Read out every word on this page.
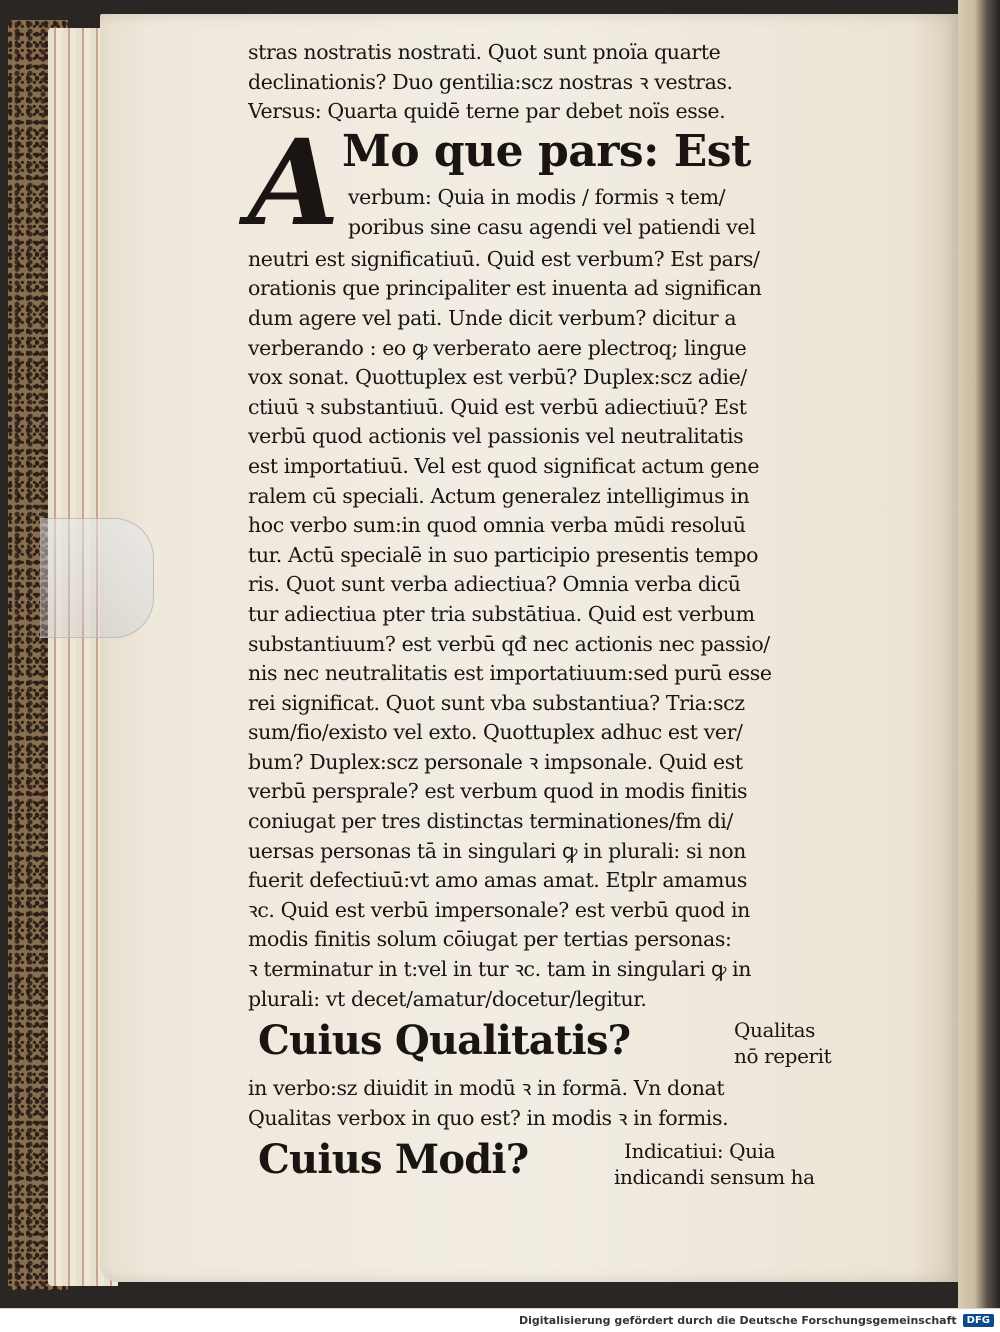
stras nostratis nostrati. Quot sunt pnoïa quarte
declinationis? Duo gentilia:scz nostras ꝛ vestras.
Versus: Quarta quidē terne par debet noïs esse.
A Mo que pars: Est
verbum: Quia in modis / formis ꝛ tem/
poribus sine casu agendi vel patiendi vel
neutri est significatiuū. Quid est verbum? Est pars/
orationis que principaliter est inuenta ad significan
dum agere vel pati. Unde dicit verbum? dicitur a
verberando : eo ꝙ verberato aere plectroq; lingue
vox sonat. Quottuplex est verbū? Duplex:scz adie/
ctiuū ꝛ substantiuū. Quid est verbū adiectiuū? Est
verbū quod actionis vel passionis vel neutralitatis
est importatiuū. Vel est quod significat actum gene
ralem cū speciali. Actum generalez intelligimus in
hoc verbo sum:in quod omnia verba mūdi resoluū
tur. Actū specialē in suo participio presentis tempo
ris. Quot sunt verba adiectiua? Omnia verba dicū
tur adiectiua pter tria substātiua. Quid est verbum
substantiuum? est verbū qđ nec actionis nec passio/
nis nec neutralitatis est importatiuum:sed purū esse
rei significat. Quot sunt vba substantiua? Tria:scz
sum/fio/existo vel exto. Quottuplex adhuc est ver/
bum? Duplex:scz personale ꝛ impsonale. Quid est
verbū persprale? est verbum quod in modis finitis
coniugat per tres distinctas terminationes/fm di/
uersas personas tā in singulari ꝙ in plurali: si non
fuerit defectiuū:vt amo amas amat. Etplr amamus
ꝛc. Quid est verbū impersonale? est verbū quod in
modis finitis solum cōiugat per tertias personas:
ꝛ terminatur in t:vel in tur ꝛc. tam in singulari ꝙ in
plurali: vt decet/amatur/docetur/legitur.
Cuius Qualitatis?	Qualitas
nō reperit
in verbo:sz diuidit in modū ꝛ in formā. Vn donat
Qualitas verbox in quo est? in modis ꝛ in formis.
Cuius Modi?	Indicatiui: Quia
indicandi sensum ha
Digitalisierung gefördert durch die Deutsche Forschungsgemeinschaft	DFG
